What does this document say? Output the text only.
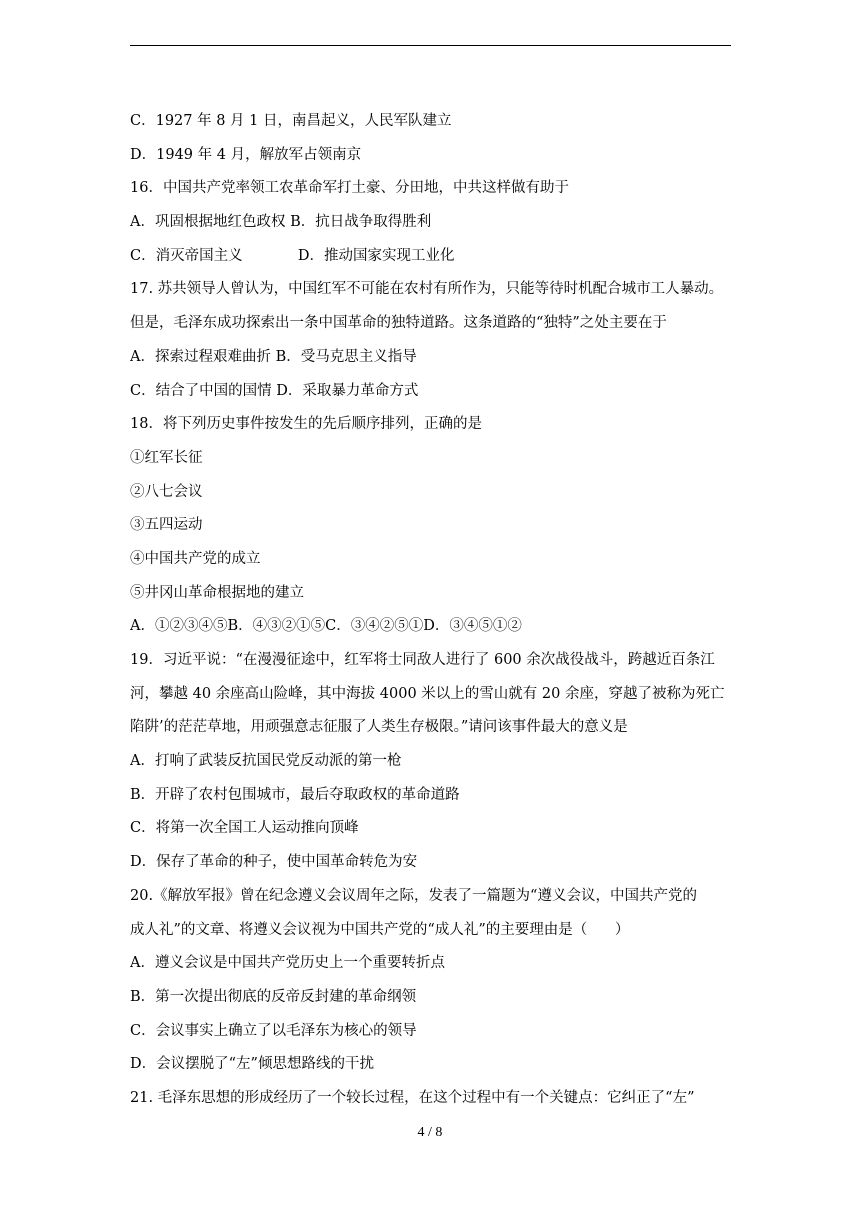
C．1927 年 8 月 1 日，南昌起义，人民军队建立
D．1949 年 4 月，解放军占领南京
16．中国共产党率领工农革命军打土豪、分田地，中共这样做有助于
A．巩固根据地红色政权 B．抗日战争取得胜利
C．消灭帝国主义            D．推动国家实现工业化
17. 苏共领导人曾认为，中国红军不可能在农村有所作为，只能等待时机配合城市工人暴动。
但是，毛泽东成功探索出一条中国革命的独特道路。这条道路的“独特”之处主要在于
A．探索过程艰难曲折 B．受马克思主义指导
C．结合了中国的国情 D．采取暴力革命方式
18．将下列历史事件按发生的先后顺序排列，正确的是
①红军长征
②八七会议
③五四运动
④中国共产党的成立
⑤井冈山革命根据地的建立
A．①②③④⑤B．④③②①⑤C．③④②⑤①D．③④⑤①②
19．习近平说：“在漫漫征途中，红军将士同敌人进行了 600 余次战役战斗，跨越近百条江
河，攀越 40 余座高山险峰，其中海拔 4000 米以上的雪山就有 20 余座，穿越了被称为死亡
陷阱’的茫茫草地，用顽强意志征服了人类生存极限。”请问该事件最大的意义是
A．打响了武装反抗国民党反动派的第一枪
B．开辟了农村包围城市，最后夺取政权的革命道路
C．将第一次全国工人运动推向顶峰
D．保存了革命的种子，使中国革命转危为安
20.《解放军报》曾在纪念遵义会议周年之际，发表了一篇题为“遵义会议，中国共产党的
成人礼”的文章、将遵义会议视为中国共产党的“成人礼”的主要理由是（      ）
A．遵义会议是中国共产党历史上一个重要转折点
B．第一次提出彻底的反帝反封建的革命纲领
C．会议事实上确立了以毛泽东为核心的领导
D．会议摆脱了“左”倾思想路线的干扰
21. 毛泽东思想的形成经历了一个较长过程，在这个过程中有一个关键点：它纠正了“左”
4 / 8
